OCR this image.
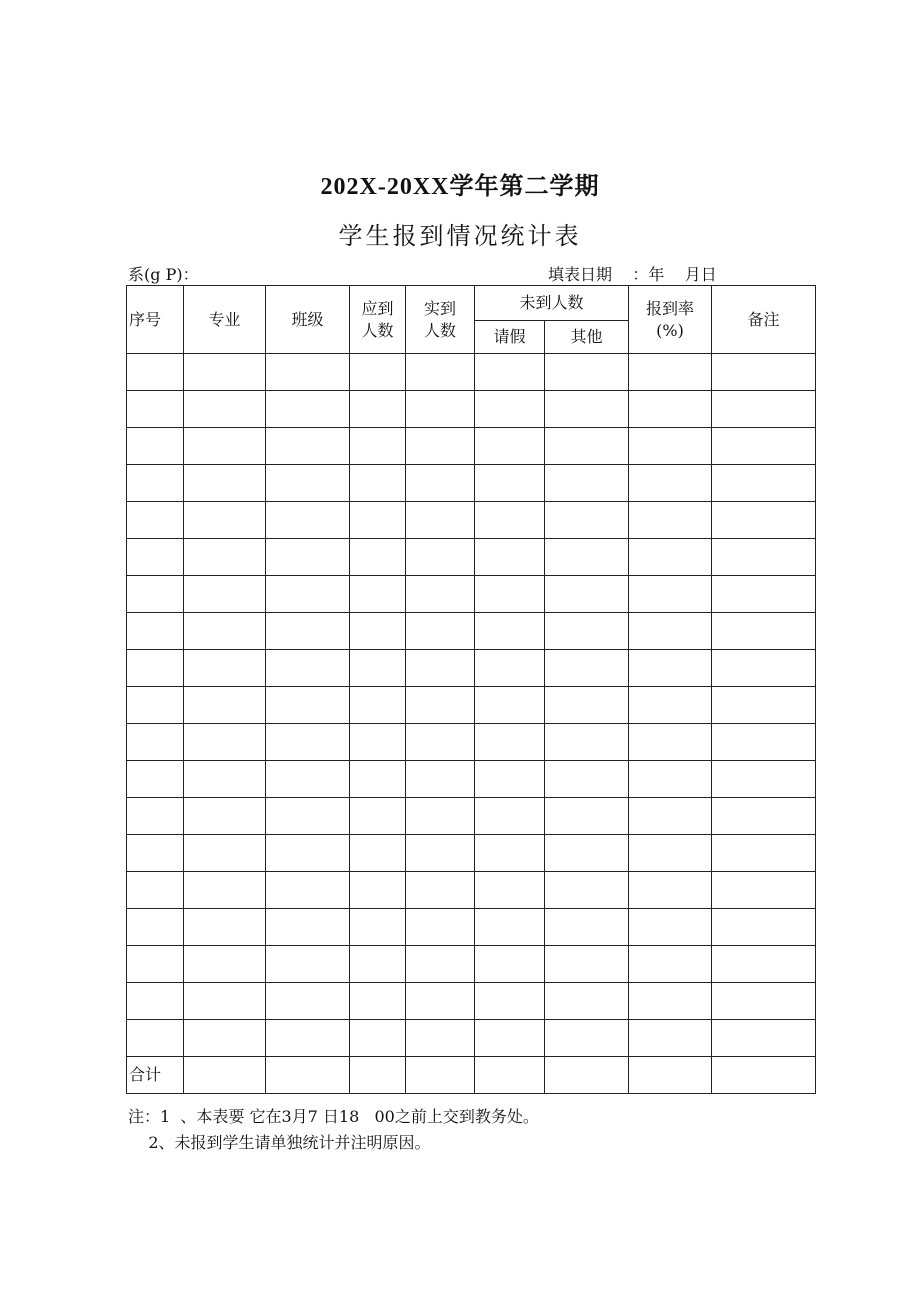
202X-20XX学年第二学期
学生报到情况统计表
系(g P)：	填表日期    ：年    月日
序号	专业	班级	应到人数	实到人数	未到人数		报到率(%)	备注
					请假	其他		

合计								
注：1  、本表要 它在3月7 日18   00之前上交到教务处。
2、未报到学生请单独统计并注明原因。
